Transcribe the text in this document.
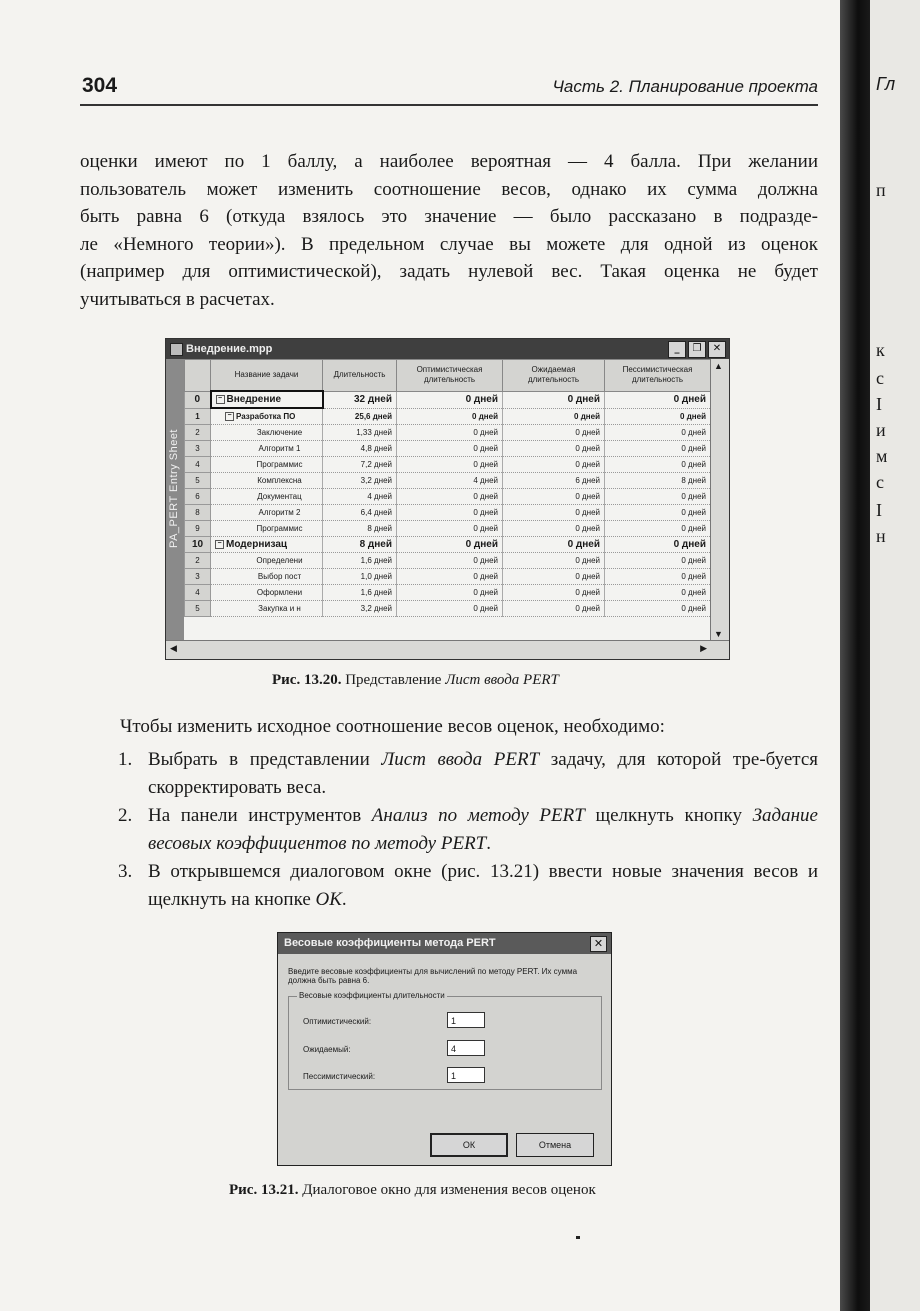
304	Часть 2. Планирование проекта
оценки имеют по 1 баллу, а наиболее вероятная — 4 балла. При желании
пользователь может изменить соотношение весов, однако их сумма должна
быть равна 6 (откуда взялось это значение — было рассказано в подразде-
ле «Немного теории»). В предельном случае вы можете для одной из оценок
(например для оптимистической), задать нулевой вес. Такая оценка не будет
учитываться в расчетах.
Внедрение.mpp	_	❐	✕
PA_PERT Entry Sheet
	Название задачи	Длительность	Оптимистическая длительность	Ожидаемая длительность	Пессимистическая длительность
0	− Внедрение	32 дней	0 дней	0 дней	0 дней
1	− Разработка ПО	25,6 дней	0 дней	0 дней	0 дней
2	Заключение	1,33 дней	0 дней	0 дней	0 дней
3	Алгоритм 1	4,8 дней	0 дней	0 дней	0 дней
4	Программиc	7,2 дней	0 дней	0 дней	0 дней
5	Комплексна	3,2 дней	4 дней	6 дней	8 дней
6	Документац	4 дней	0 дней	0 дней	0 дней
8	Алгоритм 2	6,4 дней	0 дней	0 дней	0 дней
9	Программиc	8 дней	0 дней	0 дней	0 дней
10	− Модернизац	8 дней	0 дней	0 дней	0 дней
2	Определени	1,6 дней	0 дней	0 дней	0 дней
3	Выбор пост	1,0 дней	0 дней	0 дней	0 дней
4	Оформлени	1,6 дней	0 дней	0 дней	0 дней
5	Закупка и н	3,2 дней	0 дней	0 дней	0 дней
▲
▼
◀	▶
Рис. 13.20. Представление Лист ввода PERT
Чтобы изменить исходное соотношение весов оценок, необходимо:
1. Выбрать в представлении Лист ввода PERT задачу, для которой тре-буется скорректировать веса.
2. На панели инструментов Анализ по методу PERT щелкнуть кнопку Задание весовых коэффициентов по методу PERT.
3. В открывшемся диалоговом окне (рис. 13.21) ввести новые значения весов и щелкнуть на кнопке ОК.
Весовые коэффициенты метода PERT	✕
Введите весовые коэффициенты для вычислений по методу PERT. Их сумма должна быть равна 6.
Весовые коэффициенты длительности
Оптимистический:	1
Ожидаемый:	4
Пессимистический:	1
ОК	Отмена
Рис. 13.21. Диалоговое окно для изменения весов оценок
Гл
п
к
с
I
и
м
с
I
н
